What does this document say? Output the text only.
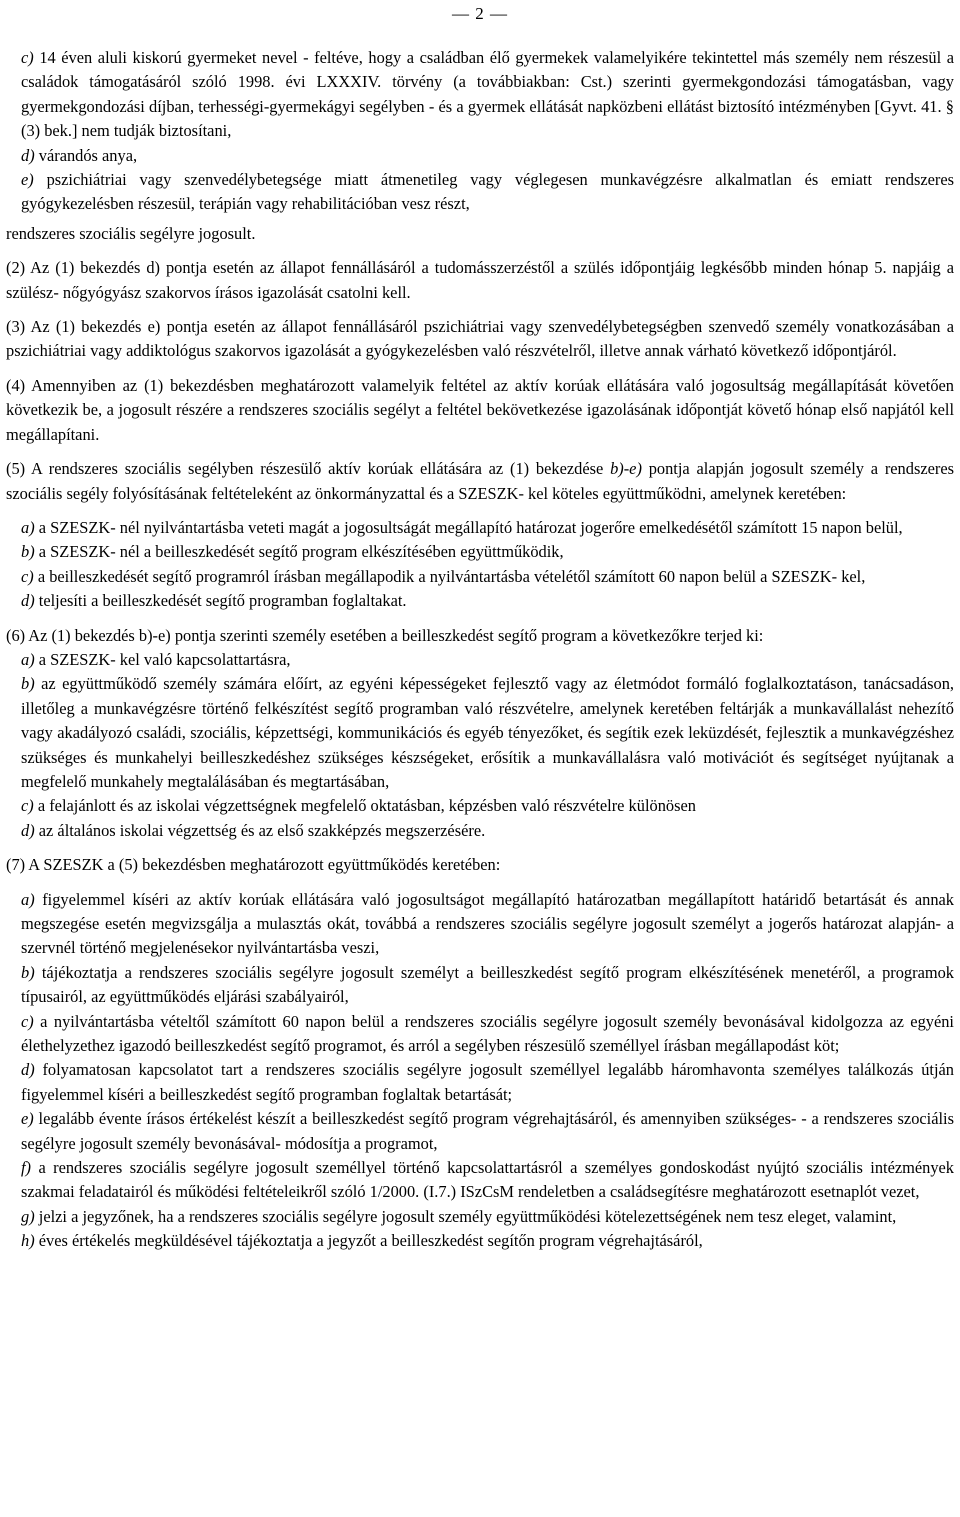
— 2 —

c) 14 éven aluli kiskorú gyermeket nevel - feltéve, hogy a családban élő gyermekek valamelyikére tekintettel más személy nem részesül a családok támogatásáról szóló 1998. évi LXXXIV. törvény (a továbbiakban: Cst.) szerinti gyermekgondozási támogatásban, vagy gyermekgondozási díjban, terhességi-gyermekágyi segélyben - és a gyermek ellátását napközbeni ellátást biztosító intézményben [Gyvt. 41. § (3) bek.] nem tudják biztosítani,

d) várandós anya,

e) pszichiátriai vagy szenvedélybetegsége miatt átmenetileg vagy véglegesen munkavégzésre alkalmatlan és emiatt rendszeres gyógykezelésben részesül, terápián vagy rehabilitációban vesz részt,

rendszeres szociális segélyre jogosult.

(2) Az (1) bekezdés d) pontja esetén az állapot fennállásáról a tudomásszerzéstől a szülés időpontjáig legkésőbb minden hónap 5. napjáig a szülész- nőgyógyász szakorvos írásos igazolását csatolni kell.

(3) Az (1) bekezdés e) pontja esetén az állapot fennállásáról pszichiátriai vagy szenvedélybetegségben szenvedő személy vonatkozásában a pszichiátriai vagy addiktológus szakorvos igazolását a gyógykezelésben való részvételről, illetve annak várható következő időpontjáról.

(4) Amennyiben az (1) bekezdésben meghatározott valamelyik feltétel az aktív korúak ellátására való jogosultság megállapítását követően következik be, a jogosult részére a rendszeres szociális segélyt a feltétel bekövetkezése igazolásának időpontját követő hónap első napjától kell megállapítani.

(5) A rendszeres szociális segélyben részesülő aktív korúak ellátására az (1) bekezdése b)-e) pontja alapján jogosult személy a rendszeres szociális segély folyósításának feltételeként az önkormányzattal és a SZESZK- kel köteles együttműködni, amelynek keretében:

a) a SZESZK- nél nyilvántartásba veteti magát a jogosultságát megállapító határozat jogerőre emelkedésétől számított 15 napon belül,

b) a SZESZK- nél a beilleszkedését segítő program elkészítésében együttműködik,

c) a beilleszkedését segítő programról írásban megállapodik a nyilvántartásba vételétől számított 60 napon belül a SZESZK- kel,

d) teljesíti a beilleszkedését segítő programban foglaltakat.

(6) Az (1) bekezdés b)-e) pontja szerinti személy esetében a beilleszkedést segítő program a következőkre terjed ki:

a) a SZESZK- kel való kapcsolattartásra,

b) az együttműködő személy számára előírt, az egyéni képességeket fejlesztő vagy az életmódot formáló foglalkoztatáson, tanácsadáson, illetőleg a munkavégzésre történő felkészítést segítő programban való részvételre, amelynek keretében feltárják a munkavállalást nehezítő vagy akadályozó családi, szociális, képzettségi, kommunikációs és egyéb tényezőket, és segítik ezek leküzdését, fejlesztik a munkavégzéshez szükséges és munkahelyi beilleszkedéshez szükséges készségeket, erősítik a munkavállalásra való motivációt és segítséget nyújtanak a megfelelő munkahely megtalálásában és megtartásában,

c) a felajánlott és az iskolai végzettségnek megfelelő oktatásban, képzésben való részvételre különösen

d) az általános iskolai végzettség és az első szakképzés megszerzésére.

(7) A SZESZK a (5) bekezdésben meghatározott együttműködés keretében:

a) figyelemmel kíséri az aktív korúak ellátására való jogosultságot megállapító határozatban megállapított határidő betartását és annak megszegése esetén megvizsgálja a mulasztás okát, továbbá a rendszeres szociális segélyre jogosult személyt a jogerős határozat alapján- a szervnél történő megjelenésekor nyilvántartásba veszi,

b) tájékoztatja a rendszeres szociális segélyre jogosult személyt a beilleszkedést segítő program elkészítésének menetéről, a programok típusairól, az együttműködés eljárási szabályairól,

c) a nyilvántartásba vételtől számított 60 napon belül a rendszeres szociális segélyre jogosult személy bevonásával kidolgozza az egyéni élethelyzethez igazodó beilleszkedést segítő programot, és arról a segélyben részesülő személlyel írásban megállapodást köt;

d) folyamatosan kapcsolatot tart a rendszeres szociális segélyre jogosult személlyel legalább háromhavonta személyes találkozás útján figyelemmel kíséri a beilleszkedést segítő programban foglaltak betartását;

e) legalább évente írásos értékelést készít a beilleszkedést segítő program végrehajtásáról, és amennyiben szükséges- - a rendszeres szociális segélyre jogosult személy bevonásával- módosítja a programot,

f) a rendszeres szociális segélyre jogosult személlyel történő kapcsolattartásról a személyes gondoskodást nyújtó szociális intézmények szakmai feladatairól és működési feltételeikről szóló 1/2000. (I.7.) ISzCsM rendeletben a családsegítésre meghatározott esetnaplót vezet,

g) jelzi a jegyzőnek, ha a rendszeres szociális segélyre jogosult személy együttműködési kötelezettségének nem tesz eleget, valamint,

h) éves értékelés megküldésével tájékoztatja a jegyzőt a beilleszkedést segítőn program végrehajtásáról,
